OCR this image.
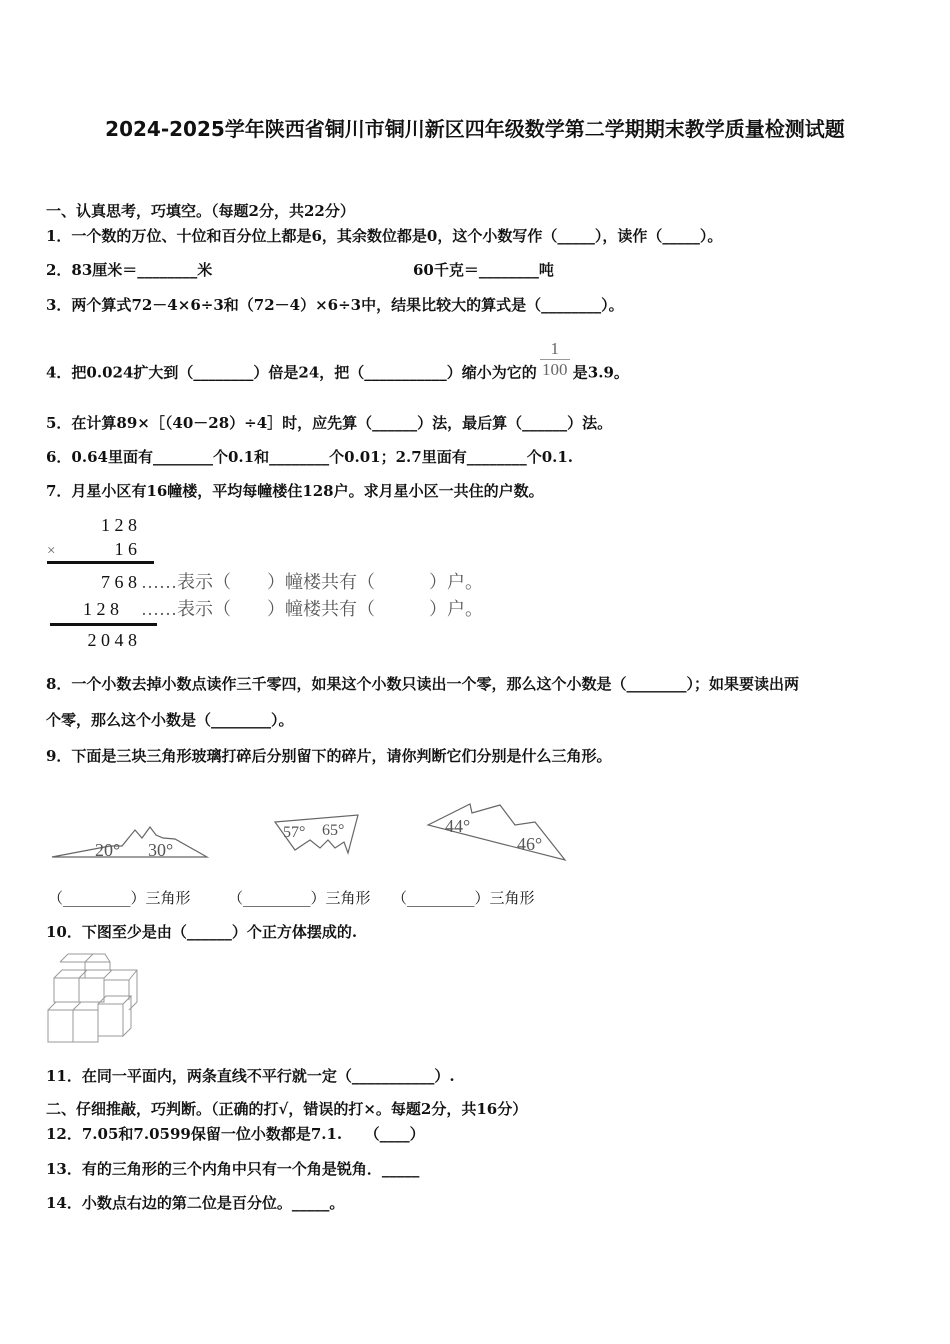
2024-2025学年陕西省铜川市铜川新区四年级数学第二学期期末教学质量检测试题
一、认真思考，巧填空。（每题2分，共22分）
1．一个数的万位、十位和百分位上都是6，其余数位都是0，这个小数写作（_____），读作（_____）。
2．83厘米＝________米	60千克＝________吨
3．两个算式72－4×6÷3和（72－4）×6÷3中，结果比较大的算式是（________）。
4．把0.024扩大到（________）倍是24，把（___________）缩小为它的 $\frac{1}{100}$ 是3.9。
5．在计算89×［（40－28）÷4］时，应先算（______）法，最后算（______）法。
6．0.64里面有________个0.1和________个0.01；2.7里面有________个0.1.
7．月星小区有16幢楼，平均每幢楼住128户。求月星小区一共住的户数。
1 2 8
×	1 6
7 6 8 ……表示（　　）幢楼共有（　　　）户。
1 2 8 ……表示（　　）幢楼共有（　　　）户。
2 0 4 8
8．一个小数去掉小数点读作三千零四，如果这个小数只读出一个零，那么这个小数是（________）；如果要读出两
个零，那么这个小数是（________）。
9．下面是三块三角形玻璃打碎后分别留下的碎片，请你判断它们分别是什么三角形。
20° 30°
57° 65°	44°
46°
（_________）三角形 （_________）三角形 （_________）三角形
10．下图至少是由（______）个正方体摆成的.
11．在同一平面内，两条直线不平行就一定（___________）.
二、仔细推敲，巧判断。（正确的打√，错误的打×。每题2分，共16分）
12．7.05和7.0599保留一位小数都是7.1.　　（____）
13．有的三角形的三个内角中只有一个角是锐角．_____
14．小数点右边的第二位是百分位。_____。
